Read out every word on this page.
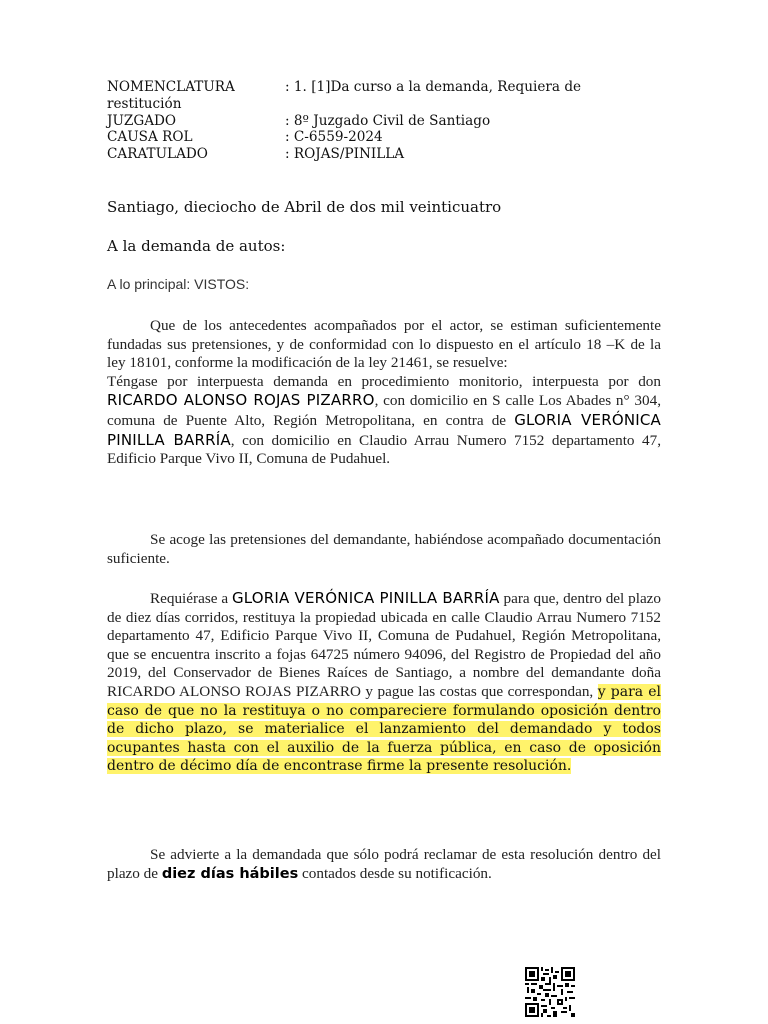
NOMENCLATURA	: 1. [1]Da curso a la demanda, Requiera de
restitución
JUZGADO	: 8º Juzgado Civil de Santiago
CAUSA ROL	: C-6559-2024
CARATULADO	: ROJAS/PINILLA
Santiago, dieciocho de Abril de dos mil veinticuatro
A la demanda de autos:
A lo principal: VISTOS:
Que de los antecedentes acompañados por el actor, se estiman suficientemente fundadas sus pretensiones, y de conformidad con lo dispuesto en el artículo 18 –K de la ley 18101, conforme la modificación de la ley 21461, se resuelve:
Téngase por interpuesta demanda en procedimiento monitorio, interpuesta por don RICARDO ALONSO ROJAS PIZARRO, con domicilio en S calle Los Abades n° 304, comuna de Puente Alto, Región Metropolitana, en contra de GLORIA VERÓNICA PINILLA BARRÍA, con domicilio en Claudio Arrau Numero 7152 departamento 47, Edificio Parque Vivo II, Comuna de Pudahuel.
Se acoge las pretensiones del demandante, habiéndose acompañado documentación suficiente.
Requiérase a GLORIA VERÓNICA PINILLA BARRÍA para que, dentro del plazo de diez días corridos, restituya la propiedad ubicada en calle Claudio Arrau Numero 7152 departamento 47, Edificio Parque Vivo II, Comuna de Pudahuel, Región Metropolitana, que se encuentra inscrito a fojas 64725 número 94096, del Registro de Propiedad del año 2019, del Conservador de Bienes Raíces de Santiago, a nombre del demandante doña RICARDO ALONSO ROJAS PIZARRO y pague las costas que correspondan, y para el caso de que no la restituya o no compareciere formulando oposición dentro de dicho plazo, se materialice el lanzamiento del demandado y todos ocupantes hasta con el auxilio de la fuerza pública, en caso de oposición dentro de décimo día de encontrase firme la presente resolución.
Se advierte a la demandada que sólo podrá reclamar de esta resolución dentro del plazo de diez días hábiles contados desde su notificación.
